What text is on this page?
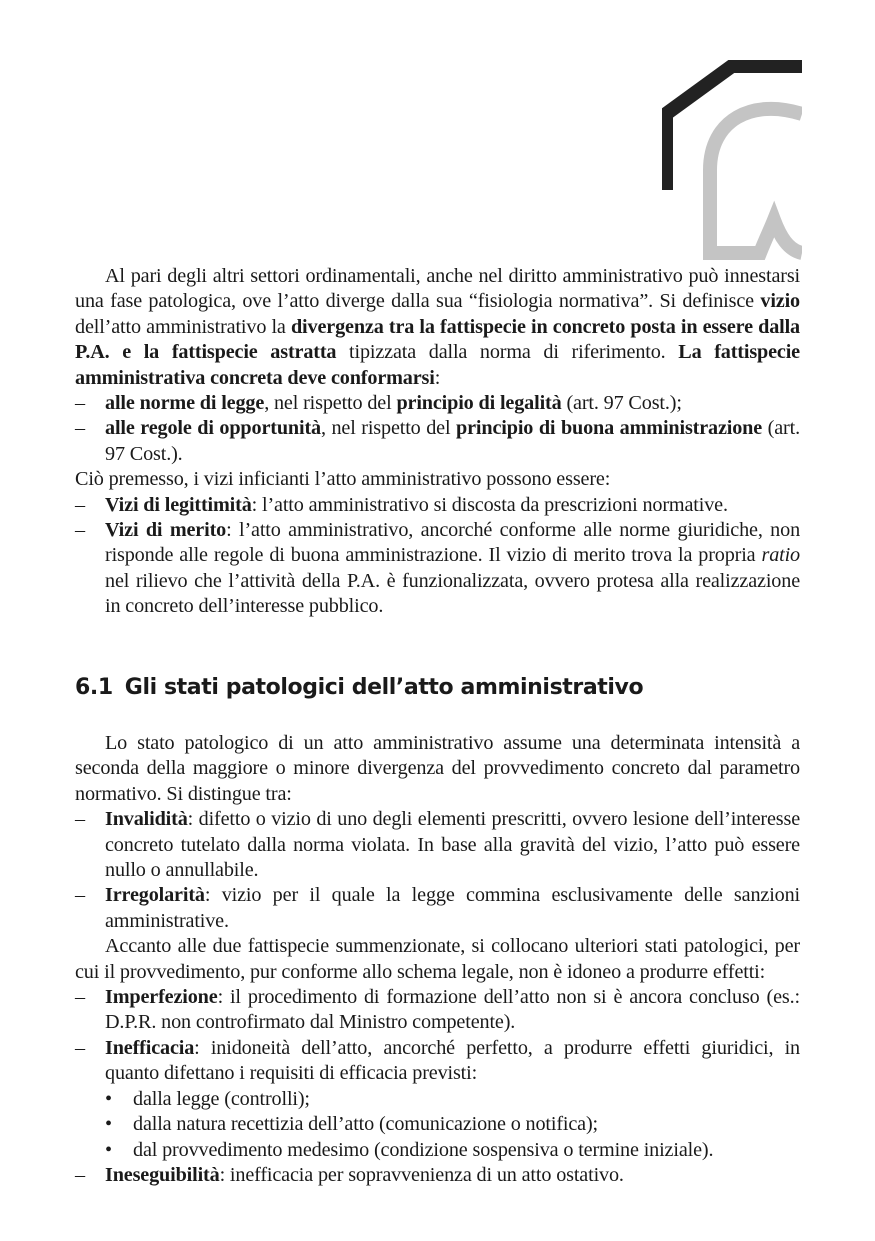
Al pari degli altri settori ordinamentali, anche nel diritto amministrativo può innestarsi una fase patologica, ove l’atto diverge dalla sua “fisiologia normativa”. Si definisce vizio dell’atto amministrativo la divergenza tra la fattispecie in concreto posta in essere dalla P.A. e la fattispecie astratta tipizzata dalla norma di riferimento. La fattispecie amministrativa concreta deve conformarsi:

– alle norme di legge, nel rispetto del principio di legalità (art. 97 Cost.);

– alle regole di opportunità, nel rispetto del principio di buona amministrazione (art. 97 Cost.).

Ciò premesso, i vizi inficianti l’atto amministrativo possono essere:

– Vizi di legittimità: l’atto amministrativo si discosta da prescrizioni normative.

– Vizi di merito: l’atto amministrativo, ancorché conforme alle norme giuridiche, non risponde alle regole di buona amministrazione. Il vizio di merito trova la propria ratio nel rilievo che l’attività della P.A. è funzionalizzata, ovvero protesa alla realizzazione in concreto dell’interesse pubblico.

6.1 Gli stati patologici dell’atto amministrativo

Lo stato patologico di un atto amministrativo assume una determinata intensità a seconda della maggiore o minore divergenza del provvedimento concreto dal parametro normativo. Si distingue tra:

– Invalidità: difetto o vizio di uno degli elementi prescritti, ovvero lesione dell’interesse concreto tutelato dalla norma violata. In base alla gravità del vizio, l’atto può essere nullo o annullabile.

– Irregolarità: vizio per il quale la legge commina esclusivamente delle sanzioni amministrative.

Accanto alle due fattispecie summenzionate, si collocano ulteriori stati patologici, per cui il provvedimento, pur conforme allo schema legale, non è idoneo a produrre effetti:

– Imperfezione: il procedimento di formazione dell’atto non si è ancora concluso (es.: D.P.R. non controfirmato dal Ministro competente).

– Inefficacia: inidoneità dell’atto, ancorché perfetto, a produrre effetti giuridici, in quanto difettano i requisiti di efficacia previsti:

• dalla legge (controlli);

• dalla natura recettizia dell’atto (comunicazione o notifica);

• dal provvedimento medesimo (condizione sospensiva o termine iniziale).

– Ineseguibilità: inefficacia per sopravvenienza di un atto ostativo.
